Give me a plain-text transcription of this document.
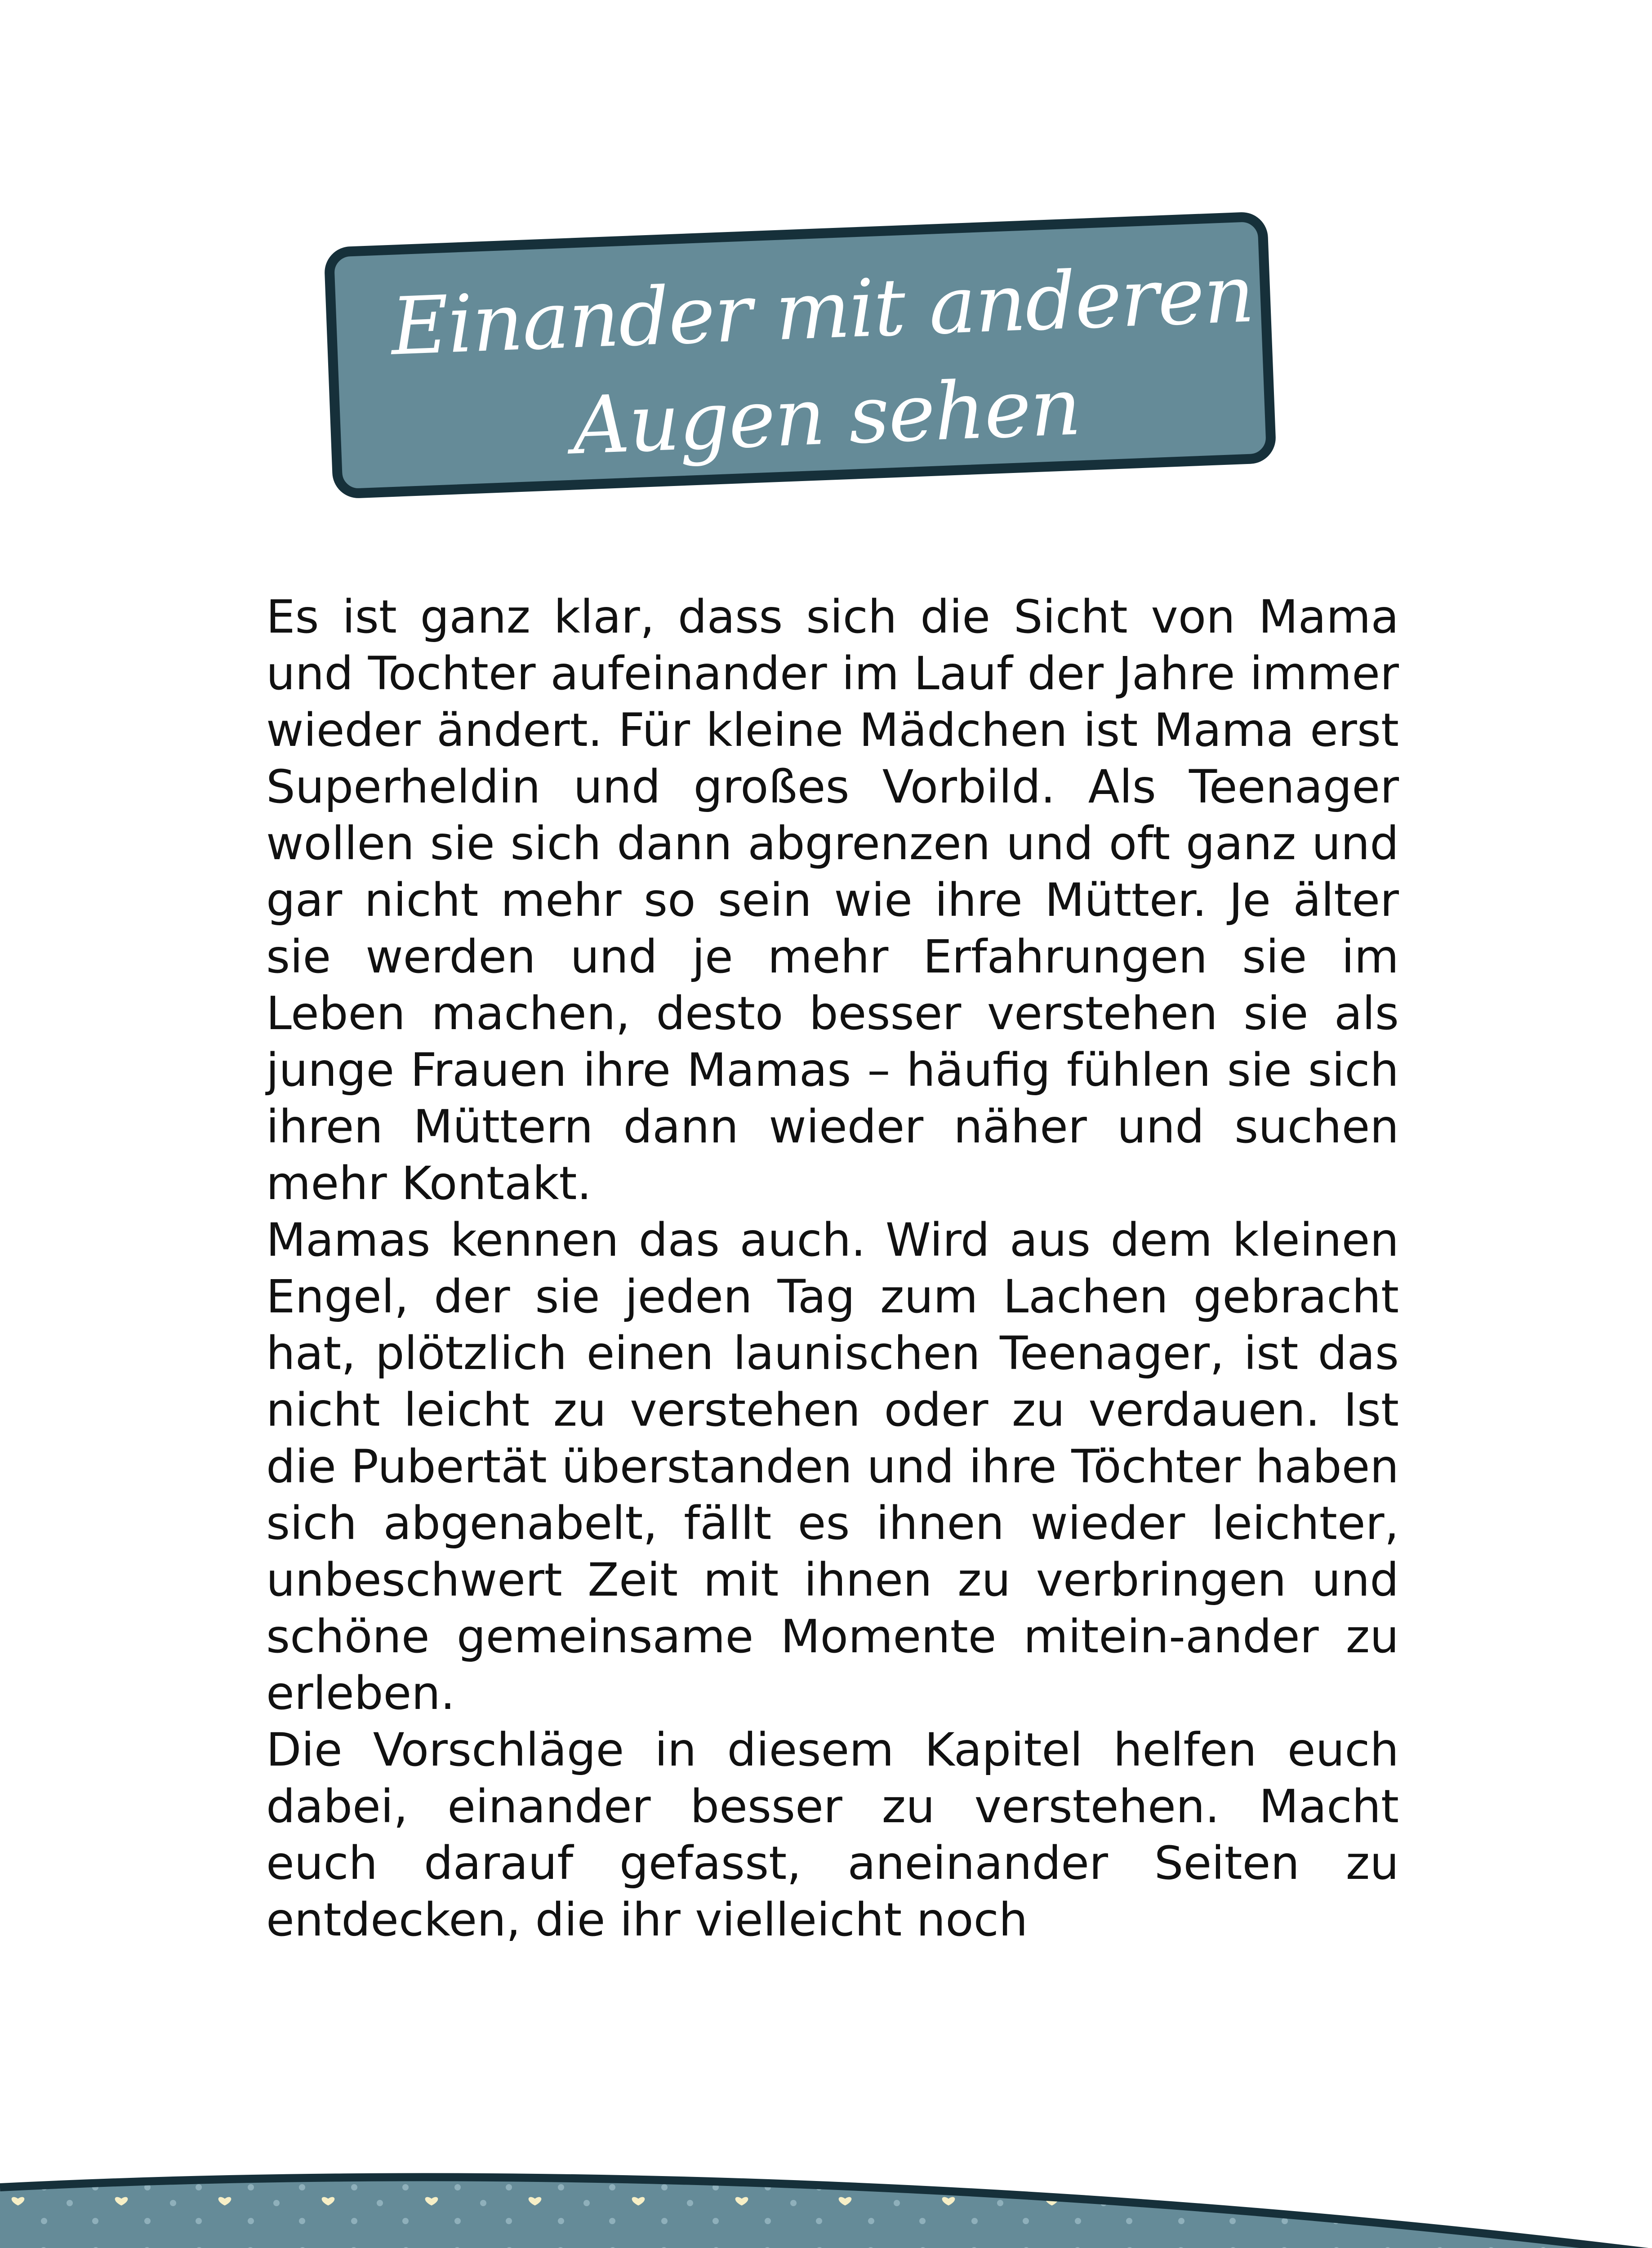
Einander mit anderen
Augen sehen

Es ist ganz klar, dass sich die Sicht von Mama und Tochter aufeinander im Lauf der Jahre immer wieder ändert. Für kleine Mädchen ist Mama erst Superheldin und großes Vorbild. Als Teenager wollen sie sich dann abgrenzen und oft ganz und gar nicht mehr so sein wie ihre Mütter. Je älter sie werden und je mehr Erfahrungen sie im Leben machen, desto besser verstehen sie als junge Frauen ihre Mamas – häufig fühlen sie sich ihren Müttern dann wieder näher und suchen mehr Kontakt.

Mamas kennen das auch. Wird aus dem kleinen Engel, der sie jeden Tag zum Lachen gebracht hat, plötzlich einen launischen Teenager, ist das nicht leicht zu verstehen oder zu verdauen. Ist die Pubertät überstanden und ihre Töchter haben sich abgenabelt, fällt es ihnen wieder leichter, unbeschwert Zeit mit ihnen zu verbringen und schöne gemeinsame Momente mitein-ander zu erleben.

Die Vorschläge in diesem Kapitel helfen euch dabei, einander besser zu verstehen. Macht euch darauf gefasst, aneinander Seiten zu entdecken, die ihr vielleicht noch
